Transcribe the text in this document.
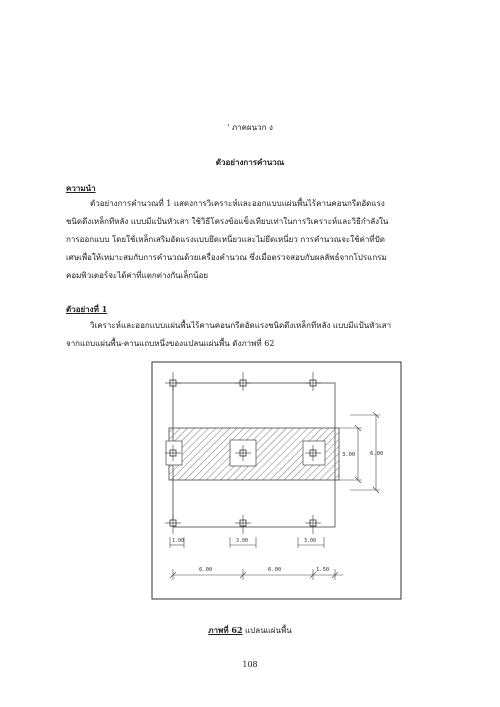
' ภาคผนวก ง
ตัวอย่างการคำนวณ
ความนำ
ตัวอย่างการคำนวณที่ 1 แสดงการวิเคราะห์และออกแบบแผ่นพื้นไร้คานคอนกรีตอัดแรง
ชนิดดึงเหล็กทีหลัง แบบมีแป้นหัวเสา ใช้วิธีโครงข้อแข็งเทียบเท่าในการวิเคราะห์และวิธีกำลังใน
การออกแบบ โดยใช้เหล็กเสริมอัดแรงแบบยึดเหนี่ยวและไม่ยึดเหนี่ยว การคำนวณจะใช้ค่าที่ปัด
เศษเพื่อให้เหมาะสมกับการคำนวณด้วยเครื่องคำนวณ ซึ่งเมื่อตรวจสอบกับผลลัพธ์จากโปรแกรม
คอมพิวเตอร์จะได้ค่าที่แตกต่างกันเล็กน้อย
ตัวอย่างที่ 1
วิเคราะห์และออกแบบแผ่นพื้นไร้คานคอนกรีตอัดแรงชนิดดึงเหล็กทีหลัง แบบมีแป้นหัวเสา
จากแถบแผ่นพื้น-คานแถบหนึ่งของแปลนแผ่นพื้น ดังภาพที่ 62
3.00	6.00
1.00	3.00	3.00
6.00	6.00	1.50
ภาพที่ 62 แปลนแผ่นพื้น
108
